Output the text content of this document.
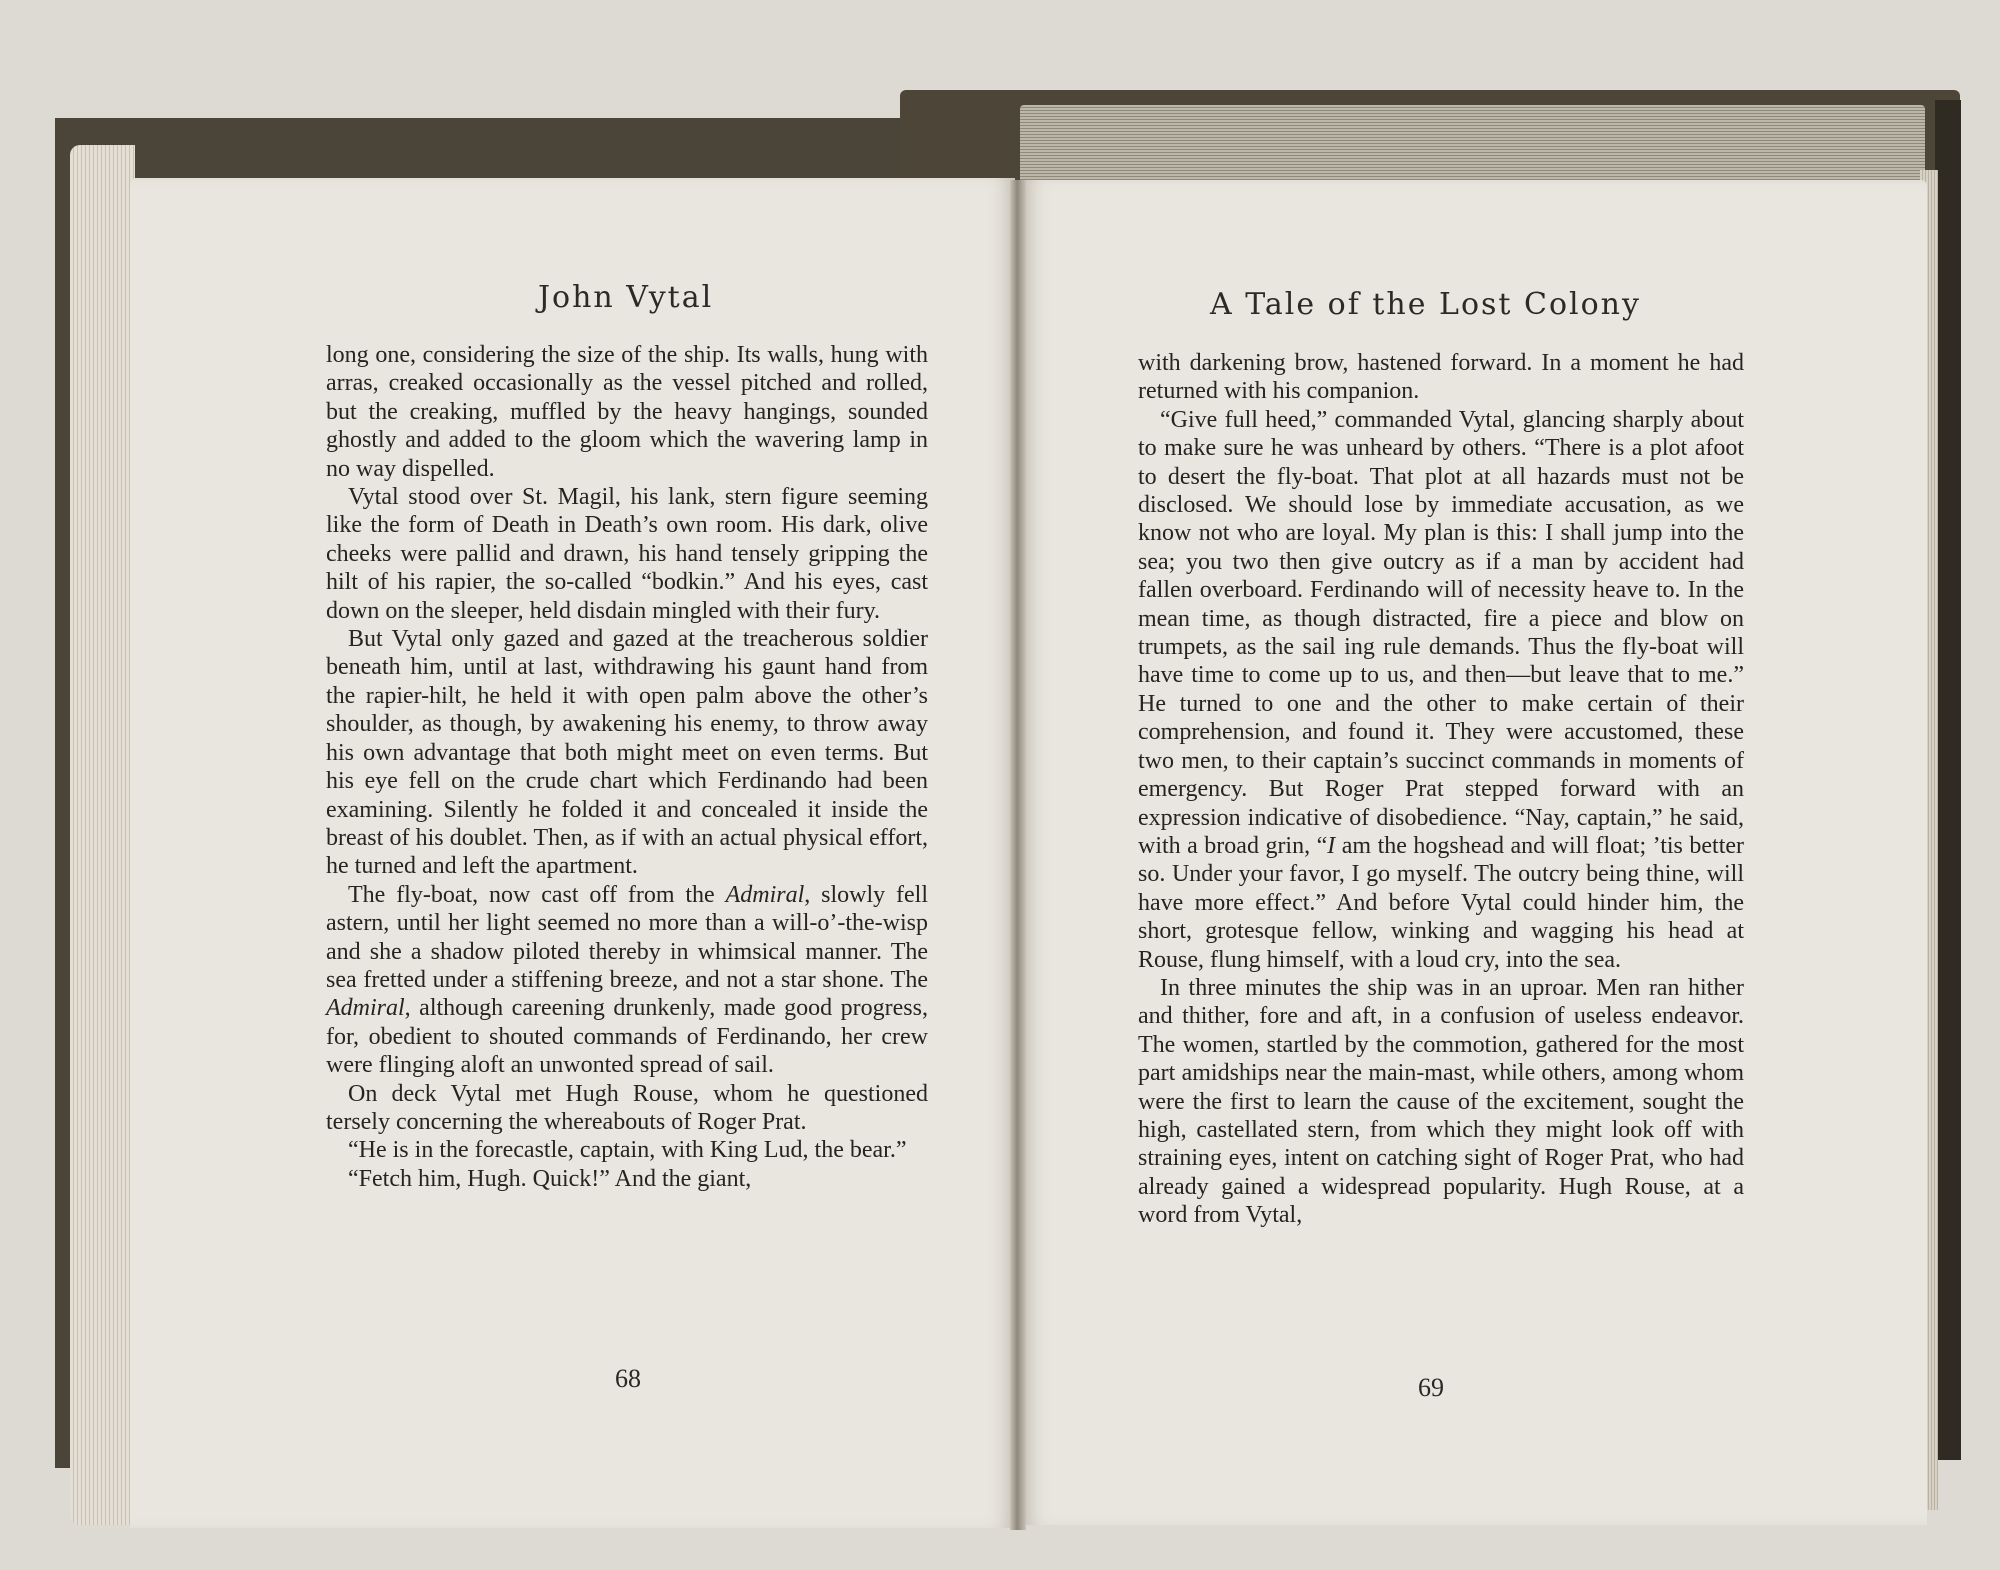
John Vytal

long one, considering the size of the ship. Its walls, hung with arras, creaked occasionally as the vessel pitched and rolled, but the creaking, muffled by the heavy hangings, sounded ghostly and added to the gloom which the wavering lamp in no way dispelled.

Vytal stood over St. Magil, his lank, stern figure seeming like the form of Death in Death’s own room. His dark, olive cheeks were pallid and drawn, his hand tensely gripping the hilt of his rapier, the so-called “bodkin.” And his eyes, cast down on the sleeper, held disdain mingled with their fury.

But Vytal only gazed and gazed at the treacherous soldier beneath him, until at last, withdrawing his gaunt hand from the rapier-hilt, he held it with open palm above the other’s shoulder, as though, by awakening his enemy, to throw away his own advantage that both might meet on even terms. But his eye fell on the crude chart which Ferdinando had been examining. Silently he folded it and concealed it inside the breast of his doublet. Then, as if with an actual physical effort, he turned and left the apartment.

The fly-boat, now cast off from the Admiral, slowly fell astern, until her light seemed no more than a will-o’-the-wisp and she a shadow piloted thereby in whimsical manner. The sea fretted under a stiffening breeze, and not a star shone. The Admiral, although careening drunkenly, made good progress, for, obedient to shouted commands of Ferdinando, her crew were flinging aloft an unwonted spread of sail.

On deck Vytal met Hugh Rouse, whom he questioned tersely concerning the whereabouts of Roger Prat.

“He is in the forecastle, captain, with King Lud, the bear.”

“Fetch him, Hugh. Quick!” And the giant,

68
A Tale of the Lost Colony

with darkening brow, hastened forward. In a moment he had returned with his companion.

“Give full heed,” commanded Vytal, glancing sharply about to make sure he was unheard by others. “There is a plot afoot to desert the fly-boat. That plot at all hazards must not be disclosed. We should lose by immediate accusation, as we know not who are loyal. My plan is this: I shall jump into the sea; you two then give outcry as if a man by accident had fallen overboard. Ferdinando will of necessity heave to. In the mean time, as though distracted, fire a piece and blow on trumpets, as the sail ing rule demands. Thus the fly-boat will have time to come up to us, and then—but leave that to me.” He turned to one and the other to make certain of their comprehension, and found it. They were accustomed, these two men, to their captain’s succinct commands in moments of emergency. But Roger Prat stepped forward with an expression indicative of disobedience. “Nay, captain,” he said, with a broad grin, “I am the hogshead and will float; ’tis better so. Under your favor, I go myself. The outcry being thine, will have more effect.” And before Vytal could hinder him, the short, grotesque fellow, winking and wagging his head at Rouse, flung himself, with a loud cry, into the sea.

In three minutes the ship was in an uproar. Men ran hither and thither, fore and aft, in a confusion of useless endeavor. The women, startled by the commotion, gathered for the most part amidships near the main-mast, while others, among whom were the first to learn the cause of the excitement, sought the high, castellated stern, from which they might look off with straining eyes, intent on catching sight of Roger Prat, who had already gained a widespread popularity. Hugh Rouse, at a word from Vytal,

69
